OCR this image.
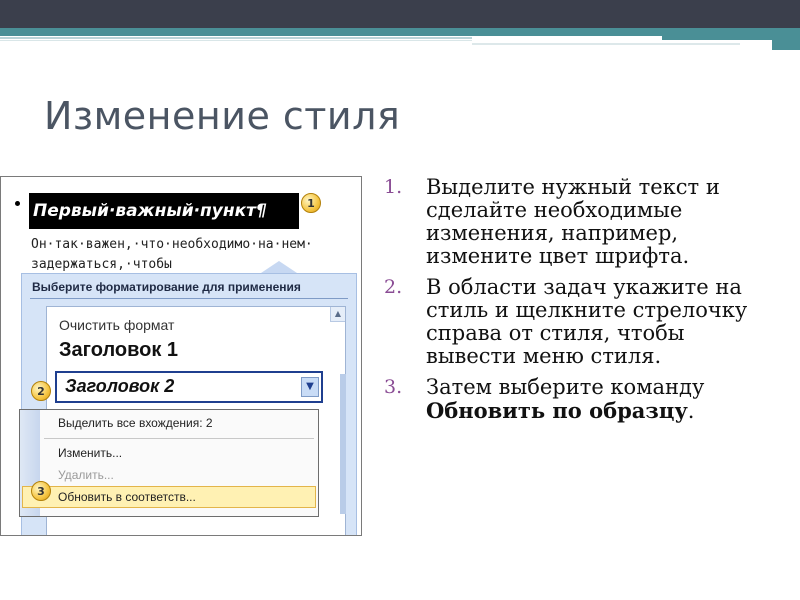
Изменение стиля
Первый·важный·пункт¶	1
Он·так·важен,·что·необходимо·на·нем·
задержаться,·чтобы
Выберите форматирование для применения
▲
Очистить формат
Заголовок 1
Заголовок 2	▼
2
Выделить все вхождения: 2
Изменить...
Удалить...
Обновить в соответств...
3
1. Выделите нужный текст и сделайте необходимые изменения, например, измените цвет шрифта.
2. В области задач укажите на стиль и щелкните стрелочку справа от стиля, чтобы вывести меню стиля.
3. Затем выберите команду Обновить по образцу.
